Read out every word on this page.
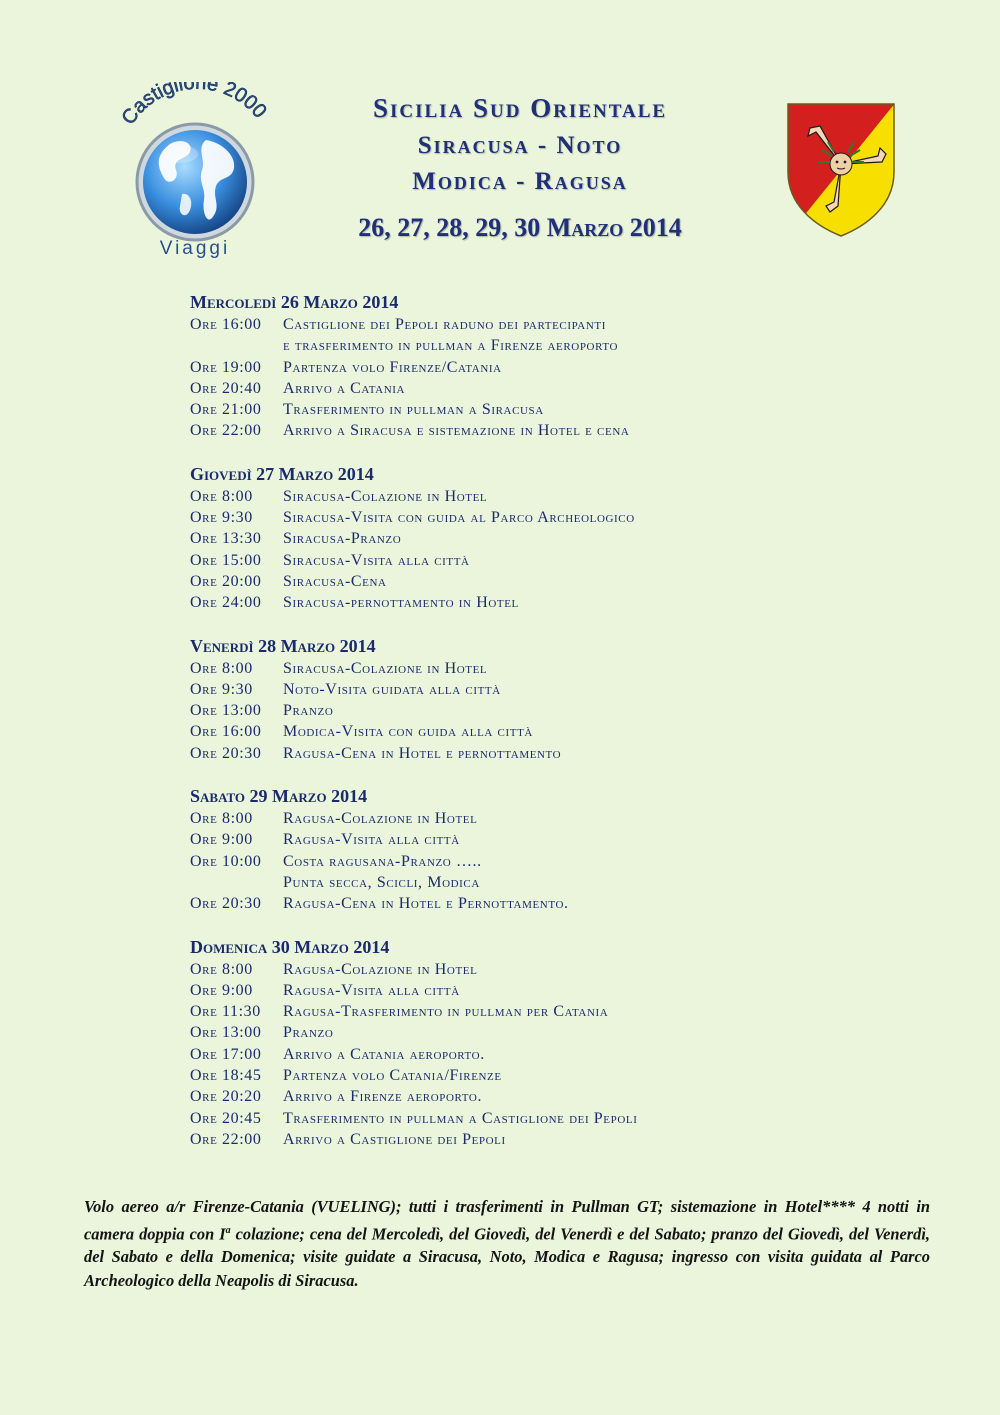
Castiglione 2000
Viaggi
Sicilia Sud Orientale
Siracusa - Noto
Modica - Ragusa
26, 27, 28, 29, 30 Marzo 2014
Mercoledì 26 Marzo 2014
Ore 16:00	Castiglione dei Pepoli raduno dei partecipanti
e trasferimento in pullman a Firenze aeroporto
Ore 19:00	Partenza volo Firenze/Catania
Ore 20:40	Arrivo a Catania
Ore 21:00	Trasferimento in pullman a Siracusa
Ore 22:00	Arrivo a Siracusa e sistemazione in Hotel e cena
Giovedì 27 Marzo 2014
Ore 8:00	Siracusa-Colazione in Hotel
Ore 9:30	Siracusa-Visita con guida al Parco Archeologico
Ore 13:30	Siracusa-Pranzo
Ore 15:00	Siracusa-Visita alla città
Ore 20:00	Siracusa-Cena
Ore 24:00	Siracusa-pernottamento in Hotel
Venerdì 28 Marzo 2014
Ore 8:00	Siracusa-Colazione in Hotel
Ore 9:30	Noto-Visita guidata alla città
Ore 13:00	Pranzo
Ore 16:00	Modica-Visita con guida alla città
Ore 20:30	Ragusa-Cena in Hotel e pernottamento
Sabato 29 Marzo 2014
Ore 8:00	Ragusa-Colazione in Hotel
Ore 9:00	Ragusa-Visita alla città
Ore 10:00	Costa ragusana-Pranzo …..
Punta secca, Scicli, Modica
Ore 20:30	Ragusa-Cena in Hotel e Pernottamento.
Domenica 30 Marzo 2014
Ore 8:00	Ragusa-Colazione in Hotel
Ore 9:00	Ragusa-Visita alla città
Ore 11:30	Ragusa-Trasferimento in pullman per Catania
Ore 13:00	Pranzo
Ore 17:00	Arrivo a Catania aeroporto.
Ore 18:45	Partenza volo Catania/Firenze
Ore 20:20	Arrivo a Firenze aeroporto.
Ore 20:45	Trasferimento in pullman a Castiglione dei Pepoli
Ore 22:00	Arrivo a Castiglione dei Pepoli
Volo aereo a/r Firenze-Catania (VUELING); tutti i trasferimenti in Pullman GT; sistemazione in Hotel**** 4 notti in camera doppia con $I^a$ colazione; cena del Mercoledì, del Giovedì, del Venerdì e del Sabato; pranzo del Giovedì, del Venerdì, del Sabato e della Domenica; visite guidate a Siracusa, Noto, Modica e Ragusa; ingresso con visita guidata al Parco Archeologico della Neapolis di Siracusa.
